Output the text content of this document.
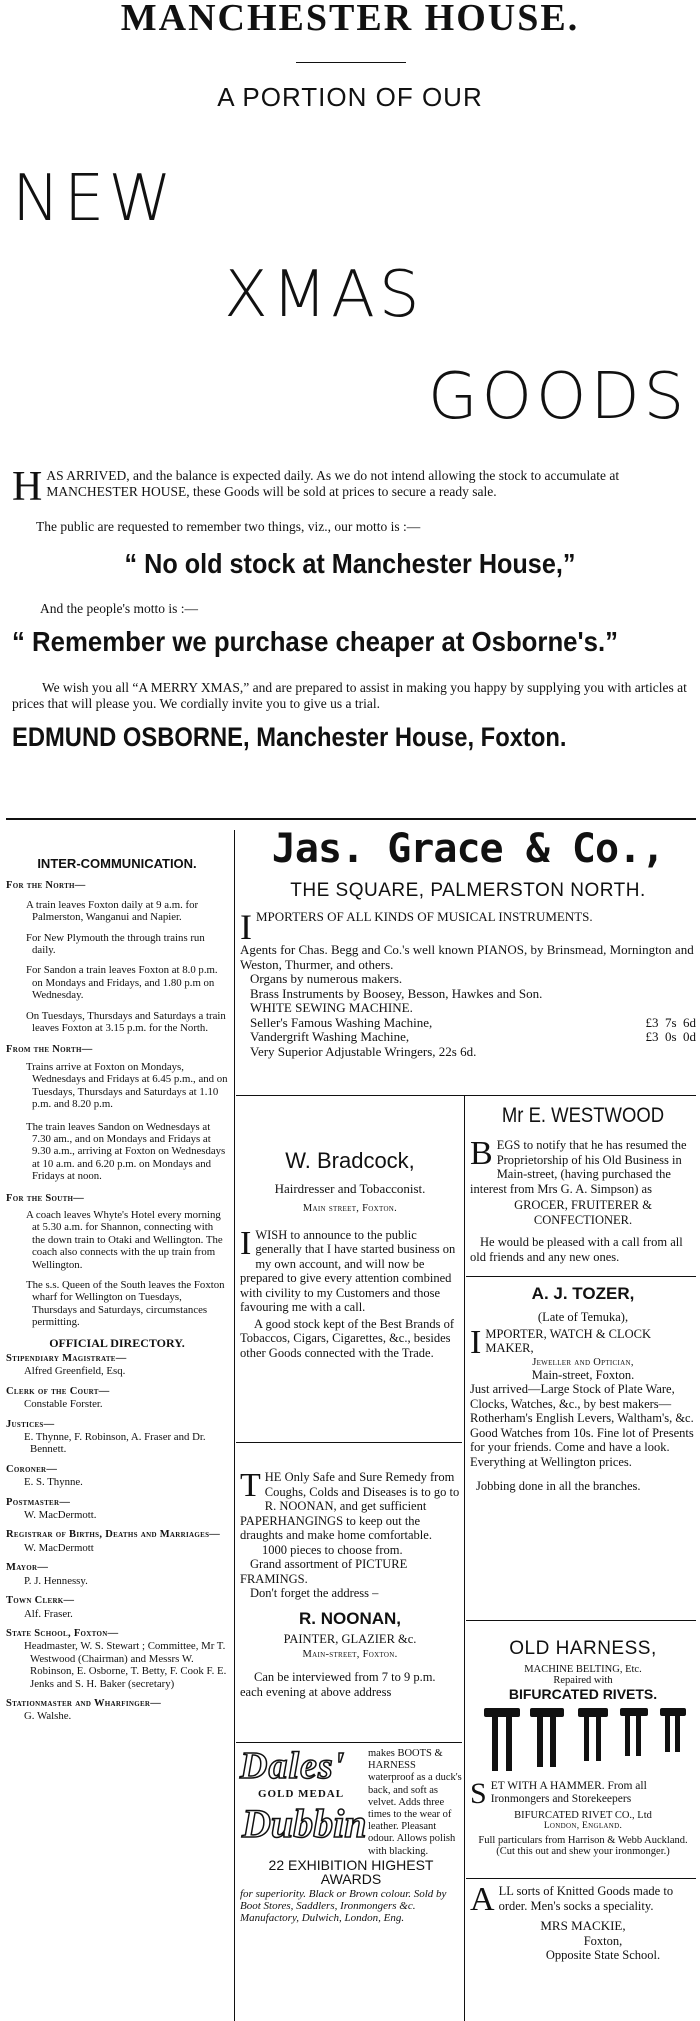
MANCHESTER HOUSE.
A PORTION OF OUR
NEW
XMAS
GOODS
HAS ARRIVED, and the balance is expected daily. As we do not intend allowing the stock to accumulate at MANCHESTER HOUSE, these Goods will be sold at prices to secure a ready sale.
The public are requested to remember two things, viz., our motto is :—
“ No old stock at Manchester House,”
And the people's motto is :—
“ Remember we purchase cheaper at Osborne's.”
We wish you all “A MERRY XMAS,” and are prepared to assist in making you happy by supplying you with articles at prices that will please you. We cordially invite you to give us a trial.
EDMUND OSBORNE, Manchester House, Foxton.
INTER-COMMUNICATION.
For the North—
A train leaves Foxton daily at 9 a.m. for Palmerston, Wanganui and Napier.
For New Plymouth the through trains run daily.
For Sandon a train leaves Foxton at 8.0 p.m. on Mondays and Fridays, and 1.80 p.m on Wednesday.
On Tuesdays, Thursdays and Saturdays a train leaves Foxton at 3.15 p.m. for the North.
From the North—
Trains arrive at Foxton on Mondays, Wednesdays and Fridays at 6.45 p.m., and on Tuesdays, Thursdays and Saturdays at 1.10 p.m. and 8.20 p.m.
The train leaves Sandon on Wednesdays at 7.30 am., and on Mondays and Fridays at 9.30 a.m., arriving at Foxton on Wednesdays at 10 a.m. and 6.20 p.m. on Mondays and Fridays at noon.
For the South—
A coach leaves Whyte's Hotel every morning at 5.30 a.m. for Shannon, connecting with the down train to Otaki and Wellington. The coach also connects with the up train from Wellington.
The s.s. Queen of the South leaves the Foxton wharf for Wellington on Tuesdays, Thursdays and Saturdays, circumstances permitting.
OFFICIAL DIRECTORY.
Stipendiary Magistrate—
Alfred Greenfield, Esq.
Clerk of the Court—
Constable Forster.
Justices—
E. Thynne, F. Robinson, A. Fraser and Dr. Bennett.
Coroner—
E. S. Thynne.
Postmaster—
W. MacDermott.
Registrar of Births, Deaths and Marriages—
W. MacDermott
Mayor—
P. J. Hennessy.
Town Clerk—
Alf. Fraser.
State School, Foxton—
Headmaster, W. S. Stewart ; Committee, Mr T. Westwood (Chairman) and Messrs W. Robinson, E. Osborne, T. Betty, F. Cook F. E. Jenks and S. H. Baker (secretary)
Stationmaster and Wharfinger—
G. Walshe.
Jas. Grace & Co.,
THE SQUARE, PALMERSTON NORTH.
IMPORTERS OF ALL KINDS OF MUSICAL INSTRUMENTS.
Agents for Chas. Begg and Co.'s well known PIANOS, by Brinsmead, Mornington and Weston, Thurmer, and others.
Organs by numerous makers.
Brass Instruments by Boosey, Besson, Hawkes and Son.
WHITE SEWING MACHINE.
Seller's Famous Washing Machine,	£3  7s  6d
Vandergrift Washing Machine,	£3  0s  0d
Very Superior Adjustable Wringers, 22s 6d.
W. Bradcock,
Hairdresser and Tobacconist.
Main street, Foxton.
IWISH to announce to the public generally that I have started business on my own account, and will now be prepared to give every attention combined with civility to my Customers and those favouring me with a call.
A good stock kept of the Best Brands of Tobaccos, Cigars, Cigarettes, &c., besides other Goods connected with the Trade.
THE Only Safe and Sure Remedy from Coughs, Colds and Diseases is to go to R. NOONAN, and get sufficient PAPERHANGINGS to keep out the draughts and make home comfortable.
1000 pieces to choose from.
Grand assortment of PICTURE FRAMINGS.
Don't forget the address –
R. NOONAN,
PAINTER, GLAZIER &c.
Main-street, Foxton.
Can be interviewed from 7 to 9 p.m. each evening at above address
Dales'
GOLD MEDAL
Dubbin
makes BOOTS & HARNESS waterproof as a duck's back, and soft as velvet. Adds three times to the wear of leather. Pleasant odour. Allows polish with blacking.
22 EXHIBITION HIGHEST AWARDS
for superiority. Black or Brown colour. Sold by Boot Stores, Saddlers, Ironmongers &c. Manufactory, Dulwich, London, Eng.
Mr E. WESTWOOD
BEGS to notify that he has resumed the Proprietorship of his Old Business in Main-street, (having purchased the interest from Mrs G. A. Simpson) as
GROCER, FRUITERER & CONFECTIONER.
He would be pleased with a call from all old friends and any new ones.
A. J. TOZER,
(Late of Temuka),
IMPORTER, WATCH & CLOCK MAKER,
Jeweller and Optician,
Main-street, Foxton.
Just arrived—Large Stock of Plate Ware, Clocks, Watches, &c., by best makers—Rotherham's English Levers, Waltham's, &c. Good Watches from 10s. Fine lot of Presents for your friends. Come and have a look. Everything at Wellington prices.
Jobbing done in all the branches.
OLD HARNESS,
MACHINE BELTING, Etc.
Repaired with
BIFURCATED RIVETS.
SET WITH A HAMMER. From all Ironmongers and Storekeepers
BIFURCATED RIVET CO., Ltd
London, England.
Full particulars from Harrison & Webb Auckland.
(Cut this out and shew your ironmonger.)
ALL sorts of Knitted Goods made to order. Men's socks a speciality.
MRS MACKIE,
Foxton,
Opposite State School.
